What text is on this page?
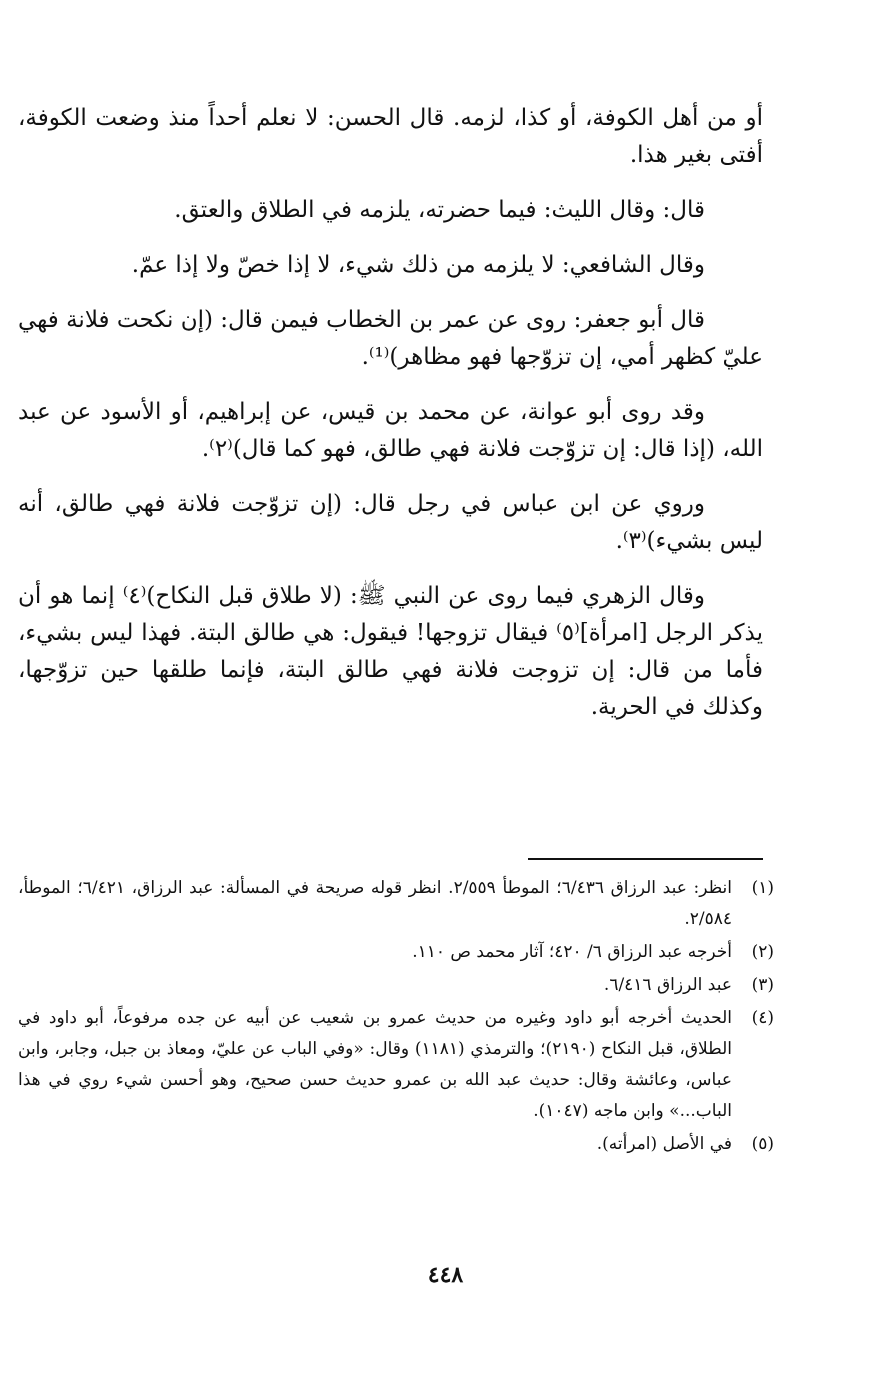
أو من أهل الكوفة، أو كذا، لزمه. قال الحسن: لا نعلم أحداً منذ وضعت الكوفة، أفتى بغير هذا.

قال: وقال الليث: فيما حضرته، يلزمه في الطلاق والعتق.

وقال الشافعي: لا يلزمه من ذلك شيء، لا إذا خصّ ولا إذا عمّ.

قال أبو جعفر: روى عن عمر بن الخطاب فيمن قال: (إن نكحت فلانة فهي عليّ كظهر أمي، إن تزوّجها فهو مظاهر)⁽¹⁾.

وقد روى أبو عوانة، عن محمد بن قيس، عن إبراهيم، أو الأسود عن عبد الله، (إذا قال: إن تزوّجت فلانة فهي طالق، فهو كما قال)⁽٢⁾.

وروي عن ابن عباس في رجل قال: (إن تزوّجت فلانة فهي طالق، أنه ليس بشيء)⁽٣⁾.

وقال الزهري فيما روى عن النبي ﷺ: (لا طلاق قبل النكاح)⁽٤⁾ إنما هو أن يذكر الرجل [امرأة]⁽٥⁾ فيقال تزوجها! فيقول: هي طالق البتة. فهذا ليس بشيء، فأما من قال: إن تزوجت فلانة فهي طالق البتة، فإنما طلقها حين تزوّجها، وكذلك في الحرية.

(١)
انظر: عبد الرزاق ٦/٤٣٦؛ الموطأ ٢/٥٥٩. انظر قوله صريحة في المسألة: عبد الرزاق، ٦/٤٢١؛ الموطأ، ٢/٥٨٤.
(٢)
أخرجه عبد الرزاق ٦/ ٤٢٠؛ آثار محمد ص ١١٠.
(٣)
عبد الرزاق ٦/٤١٦.
(٤)
الحديث أخرجه أبو داود وغيره من حديث عمرو بن شعيب عن أبيه عن جده مرفوعاً، أبو داود في الطلاق، قبل النكاح (٢١٩٠)؛ والترمذي (١١٨١) وقال: «وفي الباب عن عليّ، ومعاذ بن جبل، وجابر، وابن عباس، وعائشة وقال: حديث عبد الله بن عمرو حديث حسن صحيح، وهو أحسن شيء روي في هذا الباب...» وابن ماجه (١٠٤٧).
(٥)
في الأصل (امرأته).
٤٤٨
